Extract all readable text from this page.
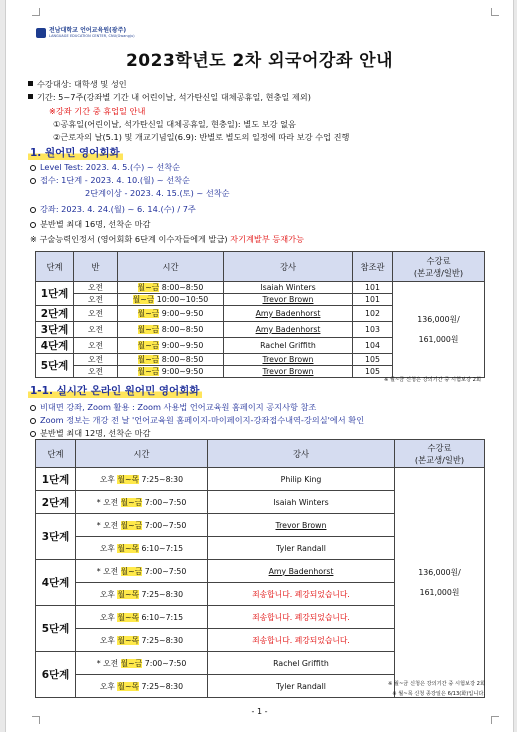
전남대학교 언어교육원(광주)
LANGUAGE EDUCATION CENTER, CNU(Gwangju)
2023학년도 2차 외국어강좌 안내
수강대상: 대학생 및 성인
기간: 5~7주(강좌별 기간 내 어린이날, 석가탄신일 대체공휴일, 현충일 제외)
※강좌 기간 중 휴업일 안내
①공휴일(어린이날, 석가탄신일 대체공휴일, 현충일): 별도 보강 없음
②근로자의 날(5.1) 및 개교기념일(6.9): 반별로 별도의 일정에 따라 보강 수업 진행
1. 원어민 영어회화
Level Test: 2023. 4. 5.(수) ~ 선착순
접수: 1단계 - 2023. 4. 10.(월) ~ 선착순
2단계이상 - 2023. 4. 15.(토) ~ 선착순
강좌: 2023. 4. 24.(월) ~ 6. 14.(수) / 7주
분반별 최대 16명, 선착순 마감
※ 구술능력인정서 (영어회화 6단계 이수자들에게 발급) 자기계발부 등재가능
단계	반	시간	강사	참조관	수강료
(본교생/일반)
1단계	오전	월~금 8:00~8:50	Isaiah Winters	101	136,000원/

161,000원
	오전	월~금 10:00~10:50	Trevor Brown	101	
2단계	오전	월~금 9:00~9:50	Amy Badenhorst	102	
3단계	오전	월~금 8:00~8:50	Amy Badenhorst	103	
4단계	오전	월~금 9:00~9:50	Rachel Griffith	104	
5단계	오전	월~금 8:00~8:50	Trevor Brown	105	
	오전	월~금 9:00~9:50	Trevor Brown	105	
※ 월~금 신청은 강의기간 중 시험보강 2회
1-1. 실시간 온라인 원어민 영어회화
비대면 강좌, Zoom 활용 : Zoom 사용법 언어교육원 홈페이지 공지사항 참조
Zoom 정보는 개강 전 날 '언어교육원 홈페이지-마이페이지-강좌접수내역-강의실'에서 확인
분반별 최대 12명, 선착순 마감
단계	시간	강사	수강료
(본교생/일반)
1단계	오후 월~목 7:25~8:30	Philip King	136,000원/

161,000원
2단계	* 오전 월~금 7:00~7:50	Isaiah Winters	
3단계	* 오전 월~금 7:00~7:50	Trevor Brown	
	오후 월~목 6:10~7:15	Tyler Randall	
4단계	* 오전 월~금 7:00~7:50	Amy Badenhorst	
	오후 월~목 7:25~8:30	죄송합니다. 폐강되었습니다.	
5단계	오후 월~목 6:10~7:15	죄송합니다. 폐강되었습니다.	
	오후 월~목 7:25~8:30	죄송합니다. 폐강되었습니다.	
6단계	* 오전 월~금 7:00~7:50	Rachel Griffith	
	오후 월~목 7:25~8:30	Tyler Randall		※ 월~금 신청은 강의기간 중 시험보강 2회
※ 월~목 신청 종강일은 6/13(화)입니다.
- 1 -
